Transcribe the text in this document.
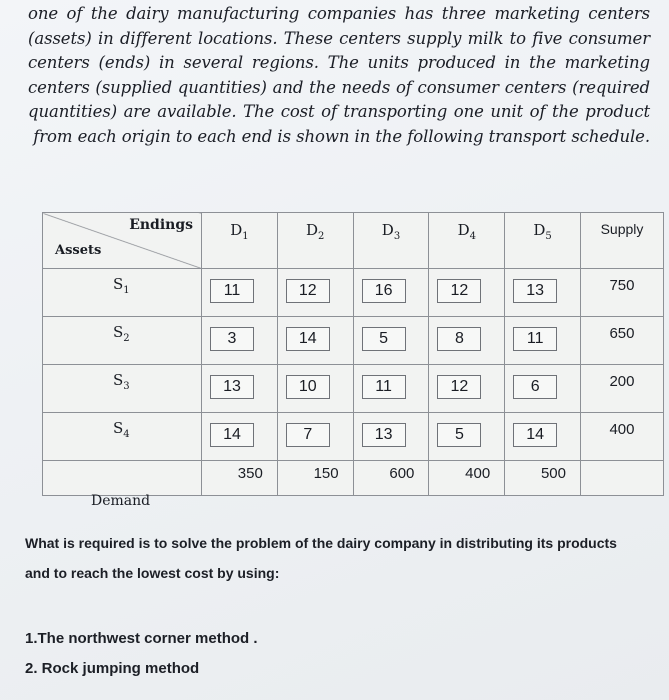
one of the dairy manufacturing companies has three marketing centers (assets) in different locations. These centers supply milk to five consumer centers (ends) in several regions. The units produced in the marketing centers (supplied quantities) and the needs of consumer centers (required quantities) are available. The cost of transporting one unit of the product from each origin to each end is shown in the following transport schedule.
Endings
Assets	$D_1$	$D_2$	$D_3$	$D_4$	$D_5$	Supply
$S_1$	11	12	16	12	13	750
$S_2$	3	14	5	8	11	650
$S_3$	13	10	11	12	6	200
$S_4$	14	7	13	5	14	400
Demand	350	150	600	400	500	
What is required is to solve the problem of the dairy company in distributing its products and to reach the lowest cost by using:
1.The northwest corner method .
2. Rock jumping method
